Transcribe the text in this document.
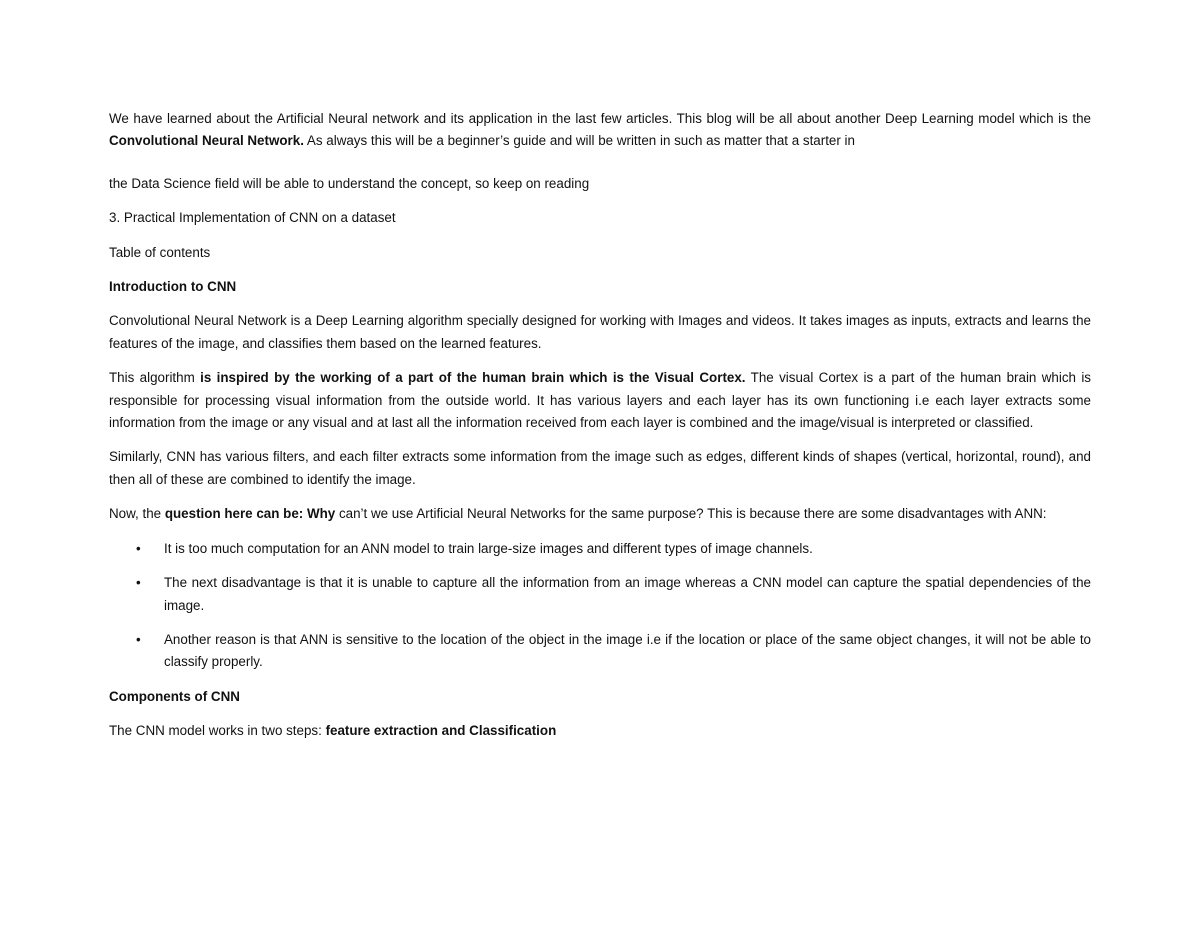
We have learned about the Artificial Neural network and its application in the last few articles. This blog will be all about another Deep Learning model which is the Convolutional Neural Network. As always this will be a beginner’s guide and will be written in such as matter that a starter in

the Data Science field will be able to understand the concept, so keep on reading

3. Practical Implementation of CNN on a dataset

Table of contents

Introduction to CNN

Convolutional Neural Network is a Deep Learning algorithm specially designed for working with Images and videos. It takes images as inputs, extracts and learns the features of the image, and classifies them based on the learned features.

This algorithm is inspired by the working of a part of the human brain which is the Visual Cortex. The visual Cortex is a part of the human brain which is responsible for processing visual information from the outside world. It has various layers and each layer has its own functioning i.e each layer extracts some information from the image or any visual and at last all the information received from each layer is combined and the image/visual is interpreted or classified.

Similarly, CNN has various filters, and each filter extracts some information from the image such as edges, different kinds of shapes (vertical, horizontal, round), and then all of these are combined to identify the image.

Now, the question here can be: Why can’t we use Artificial Neural Networks for the same purpose? This is because there are some disadvantages with ANN:

• It is too much computation for an ANN model to train large-size images and different types of image channels.
• The next disadvantage is that it is unable to capture all the information from an image whereas a CNN model can capture the spatial dependencies of the image.
• Another reason is that ANN is sensitive to the location of the object in the image i.e if the location or place of the same object changes, it will not be able to classify properly.

Components of CNN

The CNN model works in two steps: feature extraction and Classification
